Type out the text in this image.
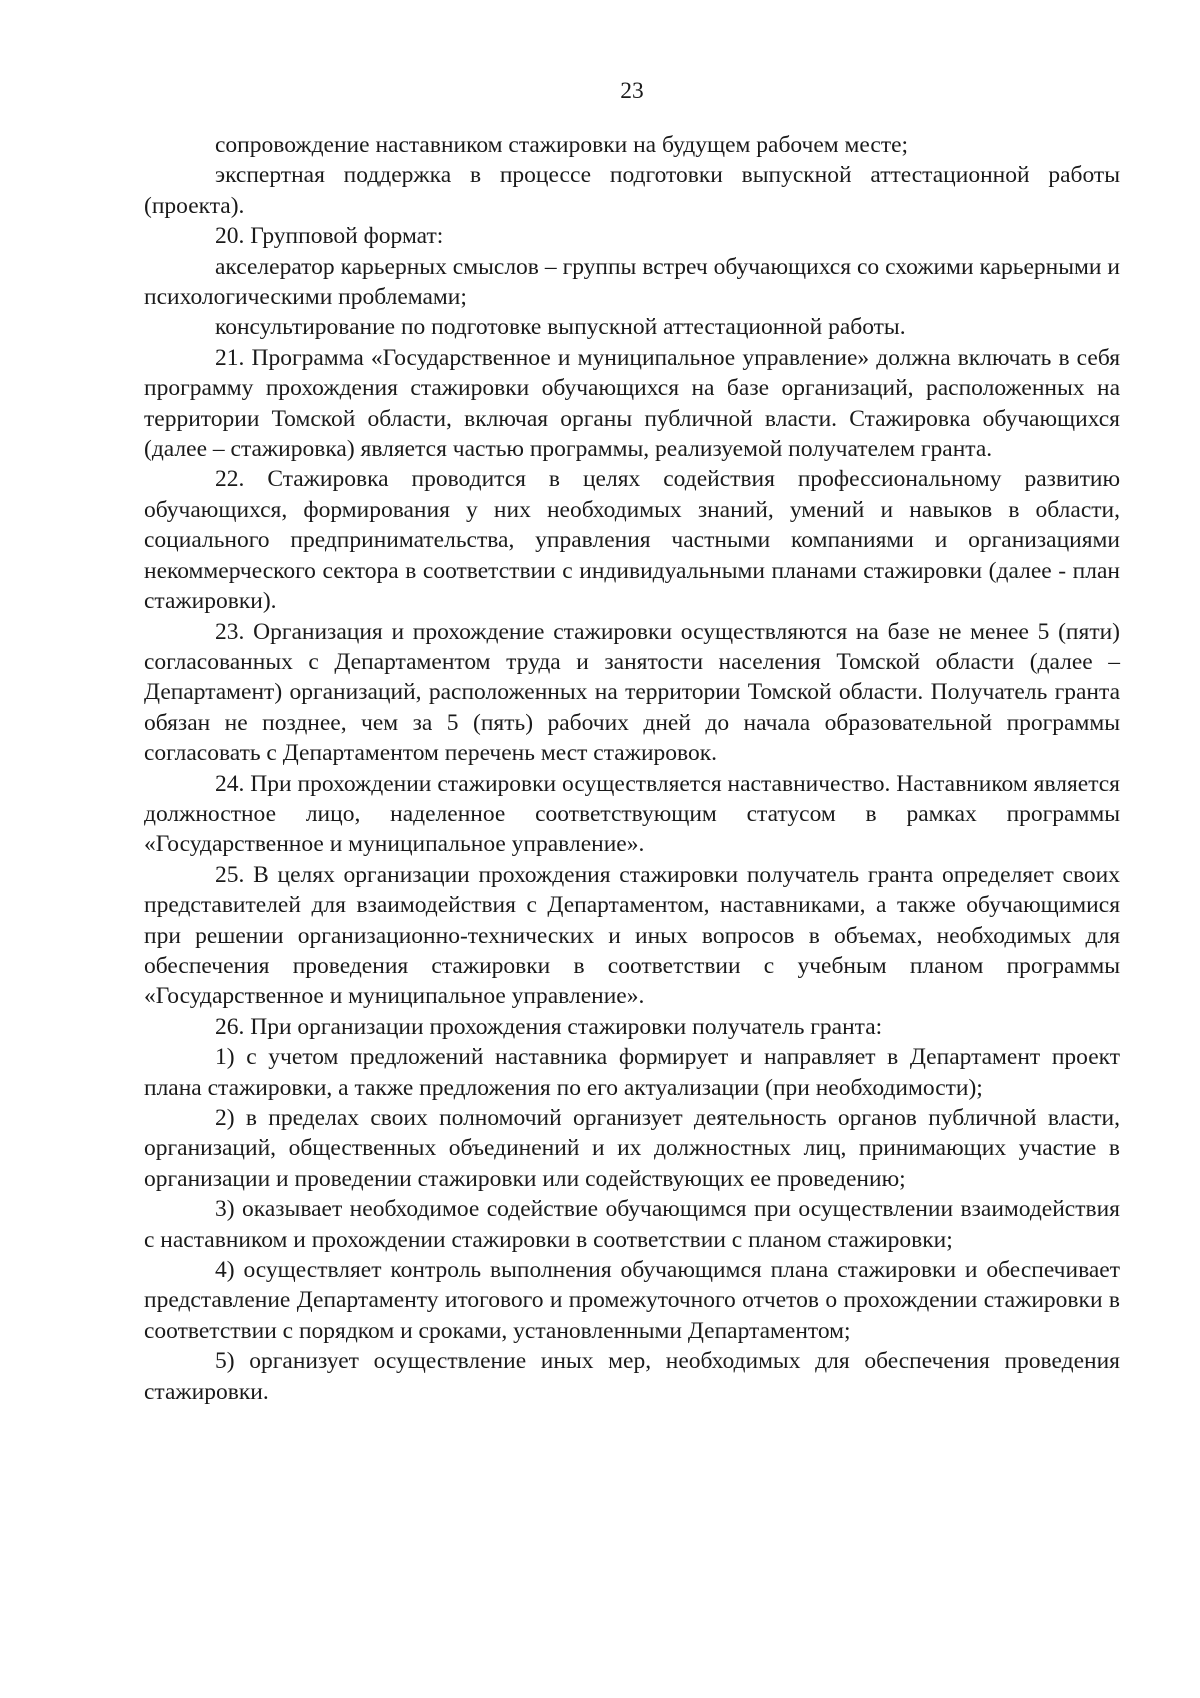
23

сопровождение наставником стажировки на будущем рабочем месте;

экспертная поддержка в процессе подготовки выпускной аттестационной работы (проекта).

20. Групповой формат:

акселератор карьерных смыслов – группы встреч обучающихся со схожими карьерными и психологическими проблемами;

консультирование по подготовке выпускной аттестационной работы.

21. Программа «Государственное и муниципальное управление» должна включать в себя программу прохождения стажировки обучающихся на базе организаций, расположенных на территории Томской области, включая органы публичной власти. Стажировка обучающихся (далее – стажировка) является частью программы, реализуемой получателем гранта.

22. Стажировка проводится в целях содействия профессиональному развитию обучающихся, формирования у них необходимых знаний, умений и навыков в области, социального предпринимательства, управления частными компаниями и организациями некоммерческого сектора в соответствии с индивидуальными планами стажировки (далее - план стажировки).

23. Организация и прохождение стажировки осуществляются на базе не менее 5 (пяти) согласованных с Департаментом труда и занятости населения Томской области (далее – Департамент) организаций, расположенных на территории Томской области. Получатель гранта обязан не позднее, чем за 5 (пять) рабочих дней до начала образовательной программы согласовать с Департаментом перечень мест стажировок.

24. При прохождении стажировки осуществляется наставничество. Наставником является должностное лицо, наделенное соответствующим статусом в рамках программы «Государственное и муниципальное управление».

25. В целях организации прохождения стажировки получатель гранта определяет своих представителей для взаимодействия с Департаментом, наставниками, а также обучающимися при решении организационно-технических и иных вопросов в объемах, необходимых для обеспечения проведения стажировки в соответствии с учебным планом программы «Государственное и муниципальное управление».

26. При организации прохождения стажировки получатель гранта:

1) с учетом предложений наставника формирует и направляет в Департамент проект плана стажировки, а также предложения по его актуализации (при необходимости);

2) в пределах своих полномочий организует деятельность органов публичной власти, организаций, общественных объединений и их должностных лиц, принимающих участие в организации и проведении стажировки или содействующих ее проведению;

3) оказывает необходимое содействие обучающимся при осуществлении взаимодействия с наставником и прохождении стажировки в соответствии с планом стажировки;

4) осуществляет контроль выполнения обучающимся плана стажировки и обеспечивает представление Департаменту итогового и промежуточного отчетов о прохождении стажировки в соответствии с порядком и сроками, установленными Департаментом;

5) организует осуществление иных мер, необходимых для обеспечения проведения стажировки.
